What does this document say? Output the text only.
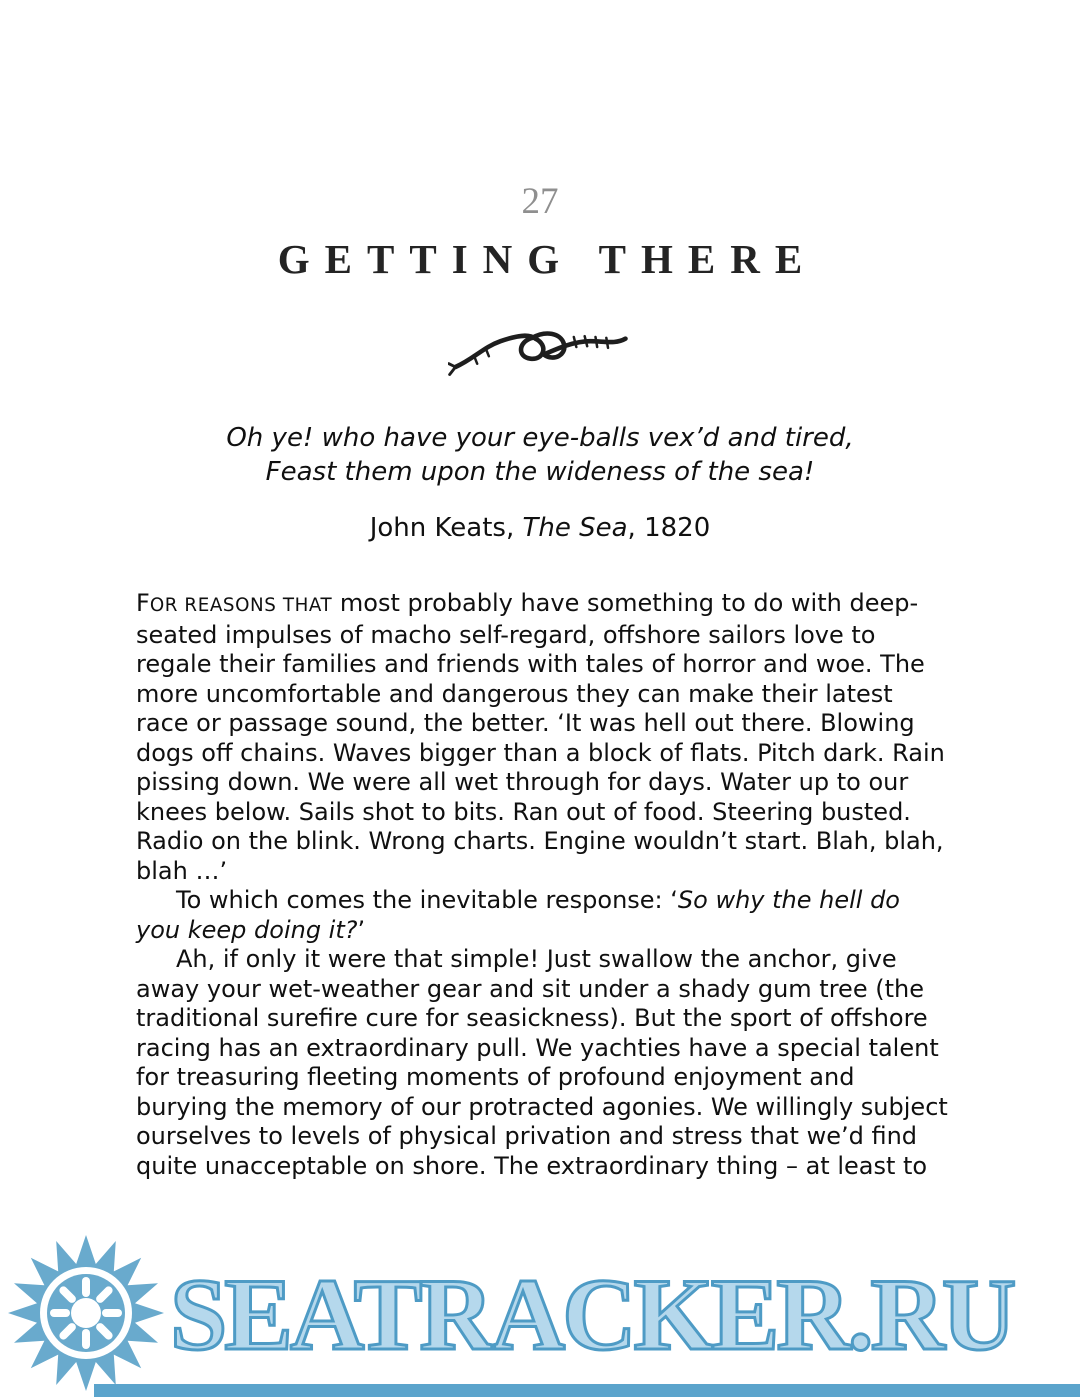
27
GETTING THERE
Oh ye! who have your eye-balls vex’d and tired,
Feast them upon the wideness of the sea!
John Keats, The Sea, 1820

FOR REASONS THAT most probably have something to do with deep-seated impulses of macho self-regard, offshore sailors love to regale their families and friends with tales of horror and woe. The more uncomfortable and dangerous they can make their latest race or passage sound, the better. ‘It was hell out there. Blowing dogs off chains. Waves bigger than a block of flats. Pitch dark. Rain pissing down. We were all wet through for days. Water up to our knees below. Sails shot to bits. Ran out of food. Steering busted. Radio on the blink. Wrong charts. Engine wouldn’t start. Blah, blah, blah …’

To which comes the inevitable response: ‘So why the hell do you keep doing it?’

Ah, if only it were that simple! Just swallow the anchor, give away your wet-weather gear and sit under a shady gum tree (the traditional surefire cure for seasickness). But the sport of offshore racing has an extraordinary pull. We yachties have a special talent for treasuring fleeting moments of profound enjoyment and burying the memory of our protracted agonies. We willingly subject ourselves to levels of physical privation and stress that we’d find quite unacceptable on shore. The extraordinary thing – at least to

SEATRACKER.RU
